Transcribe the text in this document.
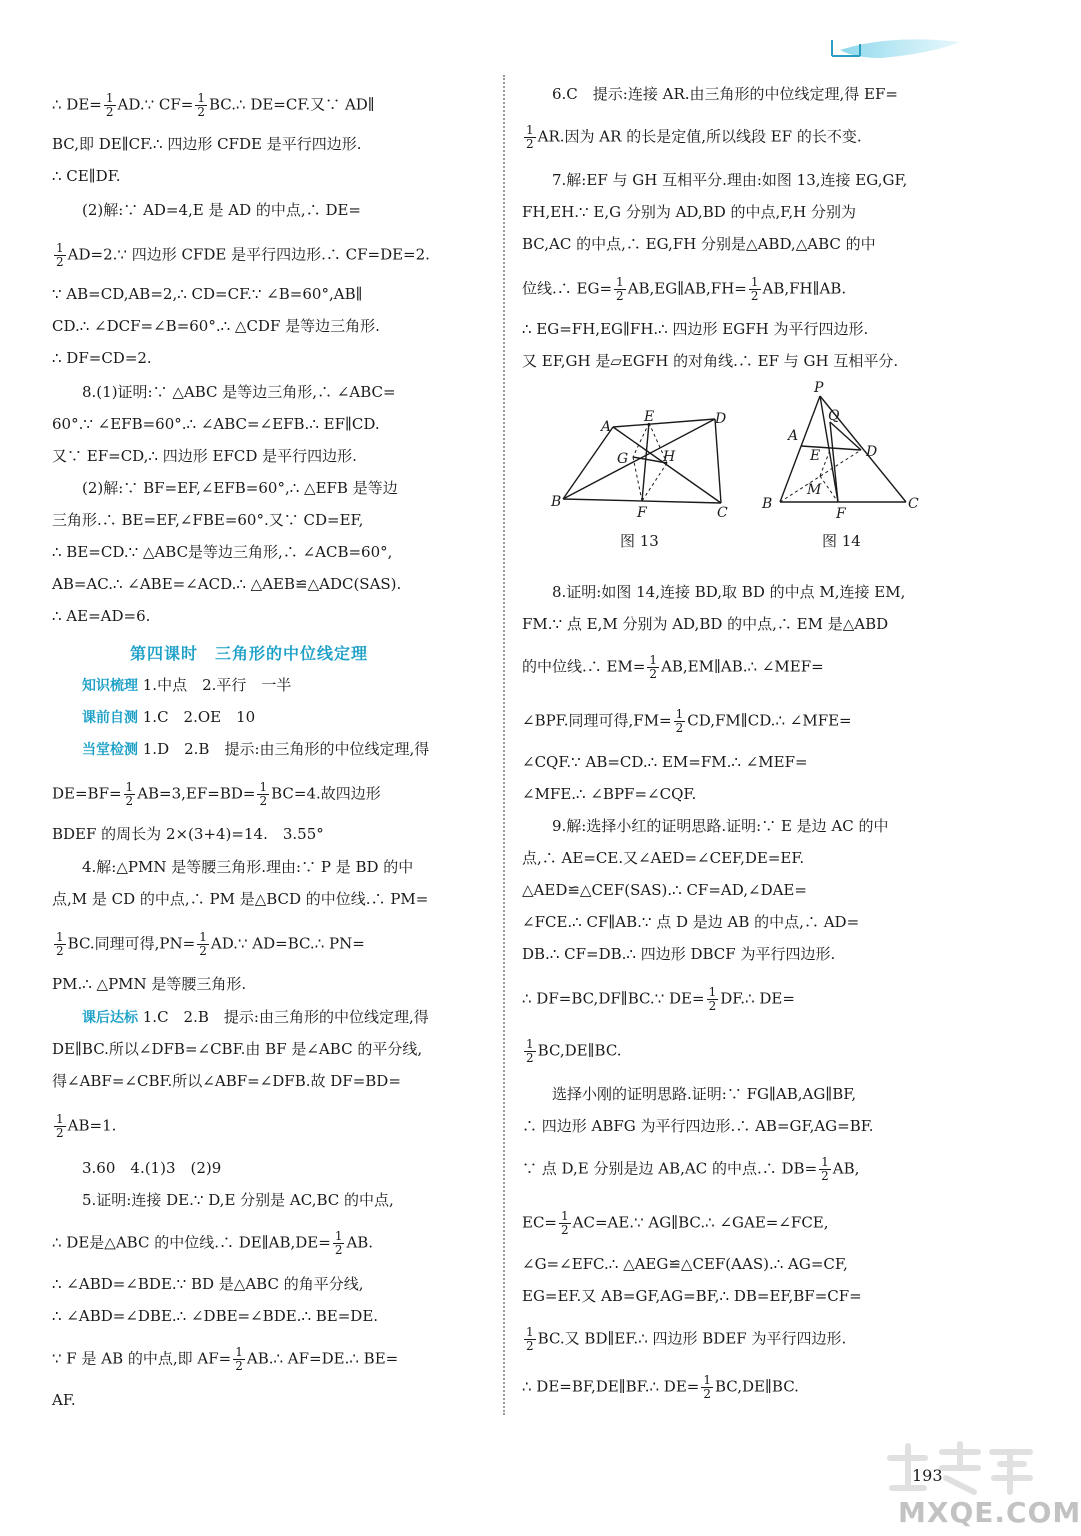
∴ $DE= \frac{1}{2}$ AD.∵ $CF= \frac{1}{2}$ BC.∴ DE=CF.又∵ AD∥
BC,即 DE∥CF.∴ 四边形 CFDE 是平行四边形.
∴ CE∥DF.
(2)解:∵ AD=4,E 是 AD 的中点,∴ DE=
$\frac{1}{2}$ AD=2.∵ 四边形 CFDE 是平行四边形.∴ CF=DE=2.
∵ AB=CD,AB=2,∴ CD=CF.∵ ∠B=60°,AB∥
CD.∴ ∠DCF=∠B=60°.∴ △CDF 是等边三角形.
∴ DF=CD=2.
8.(1)证明:∵ △ABC 是等边三角形,∴ ∠ABC=
60°.∵ ∠EFB=60°.∴ ∠ABC=∠EFB.∴ EF∥CD.
又∵ EF=CD,∴ 四边形 EFCD 是平行四边形.
(2)解:∵ BF=EF,∠EFB=60°,∴ △EFB 是等边
三角形.∴ BE=EF,∠FBE=60°.又∵ CD=EF,
∴ BE=CD.∵ △ABC是等边三角形,∴ ∠ACB=60°,
AB=AC.∴ ∠ABE=∠ACD.∴ △AEB≌△ADC(SAS).
∴ AE=AD=6.
第四课时　三角形的中位线定理
知识梳理 1.中点　2.平行　一半
课前自测 1.C　2.OE　10
当堂检测 1.D　2.B　提示:由三角形的中位线定理,得
$DE=BF= \frac{1}{2} AB=3,EF=BD= \frac{1}{2} BC=4$.故四边形
BDEF 的周长为 2×(3+4)=14.　3.55°
4.解:△PMN 是等腰三角形.理由:∵ P 是 BD 的中
点,M 是 CD 的中点,∴ PM 是△BCD 的中位线.∴ PM=
$\frac{1}{2}$ BC.同理可得$,PN= \frac{1}{2}$ AD.∵ AD=BC.∴ PN=
PM.∴ △PMN 是等腰三角形.
课后达标 1.C　2.B　提示:由三角形的中位线定理,得
DE∥BC.所以∠DFB=∠CBF.由 BF 是∠ABC 的平分线,
得∠ABF=∠CBF.所以∠ABF=∠DFB.故 DF=BD=
$\frac{1}{2} AB=1$.
3.60　4.(1)3　(2)9
5.证明:连接 DE.∵ D,E 分别是 AC,BC 的中点,
∴ DE是△ABC 的中位线.∴ DE∥AB,DE= $\frac{1}{2}$ AB.
∴ ∠ABD=∠BDE.∵ BD 是△ABC 的角平分线,
∴ ∠ABD=∠DBE.∴ ∠DBE=∠BDE.∴ BE=DE.
∵ F 是 AB 的中点,即 $AF= \frac{1}{2}$ AB.∴ AF=DE.∴ BE=
AF.
6.C　提示:连接 AR.由三角形的中位线定理,得 EF=
$\frac{1}{2}$ AR.因为 AR 的长是定值,所以线段 EF 的长不变.
7.解:EF 与 GH 互相平分.理由:如图 13,连接 EG,GF,
FH,EH.∵ E,G 分别为 AD,BD 的中点,F,H 分别为
BC,AC 的中点,∴ EG,FH 分别是△ABD,△ABC 的中
位线.∴ $EG= \frac{1}{2}$ AB,EG∥AB,FH= $\frac{1}{2}$ AB,FH∥AB.
∴ EG=FH,EG∥FH.∴ 四边形 EGFH 为平行四边形.
又 EF,GH 是▱EGFH 的对角线.∴ EF 与 GH 互相平分.
图 13	图 14
8.证明:如图 14,连接 BD,取 BD 的中点 M,连接 EM,
FM.∵ 点 E,M 分别为 AD,BD 的中点,∴ EM 是△ABD
的中位线.∴ $EM= \frac{1}{2}$ AB,EM∥AB.∴ ∠MEF=
∠BPF.同理可得$,FM= \frac{1}{2}$ CD,FM∥CD.∴ ∠MFE=
∠CQF.∵ AB=CD.∴ EM=FM.∴ ∠MEF=
∠MFE.∴ ∠BPF=∠CQF.
9.解:选择小红的证明思路.证明:∵ E 是边 AC 的中
点,∴ AE=CE.又∠AED=∠CEF,DE=EF.
△AED≌△CEF(SAS).∴ CF=AD,∠DAE=
∠FCE.∴ CF∥AB.∵ 点 D 是边 AB 的中点,∴ AD=
DB.∴ CF=DB.∴ 四边形 DBCF 为平行四边形.
∴ DF=BC,DF∥BC.∵ $DE= \frac{1}{2}$ DF.∴ DE=
$\frac{1}{2}$ BC,DE∥BC.
选择小刚的证明思路.证明:∵ FG∥AB,AG∥BF,
∴ 四边形 ABFG 为平行四边形.∴ AB=GF,AG=BF.
∵ 点 D,E 分别是边 AB,AC 的中点.∴ $DB= \frac{1}{2}$ AB,
$EC= \frac{1}{2}$ AC=AE.∵ AG∥BC.∴ ∠GAE=∠FCE,
∠G=∠EFC.∴ △AEG≌△CEF(AAS).∴ AG=CF,
EG=EF.又 AB=GF,AG=BF,∴ DB=EF,BF=CF=
$\frac{1}{2}$ BC.又 BD∥EF.∴ 四边形 BDEF 为平行四边形.
∴ DE=BF,DE∥BF.∴ $DE= \frac{1}{2}$ BC,DE∥BC.
A
E	D
G H
B
F	C
P
Q
A
D
E
M
B
F
C
MXQE.COM
193
